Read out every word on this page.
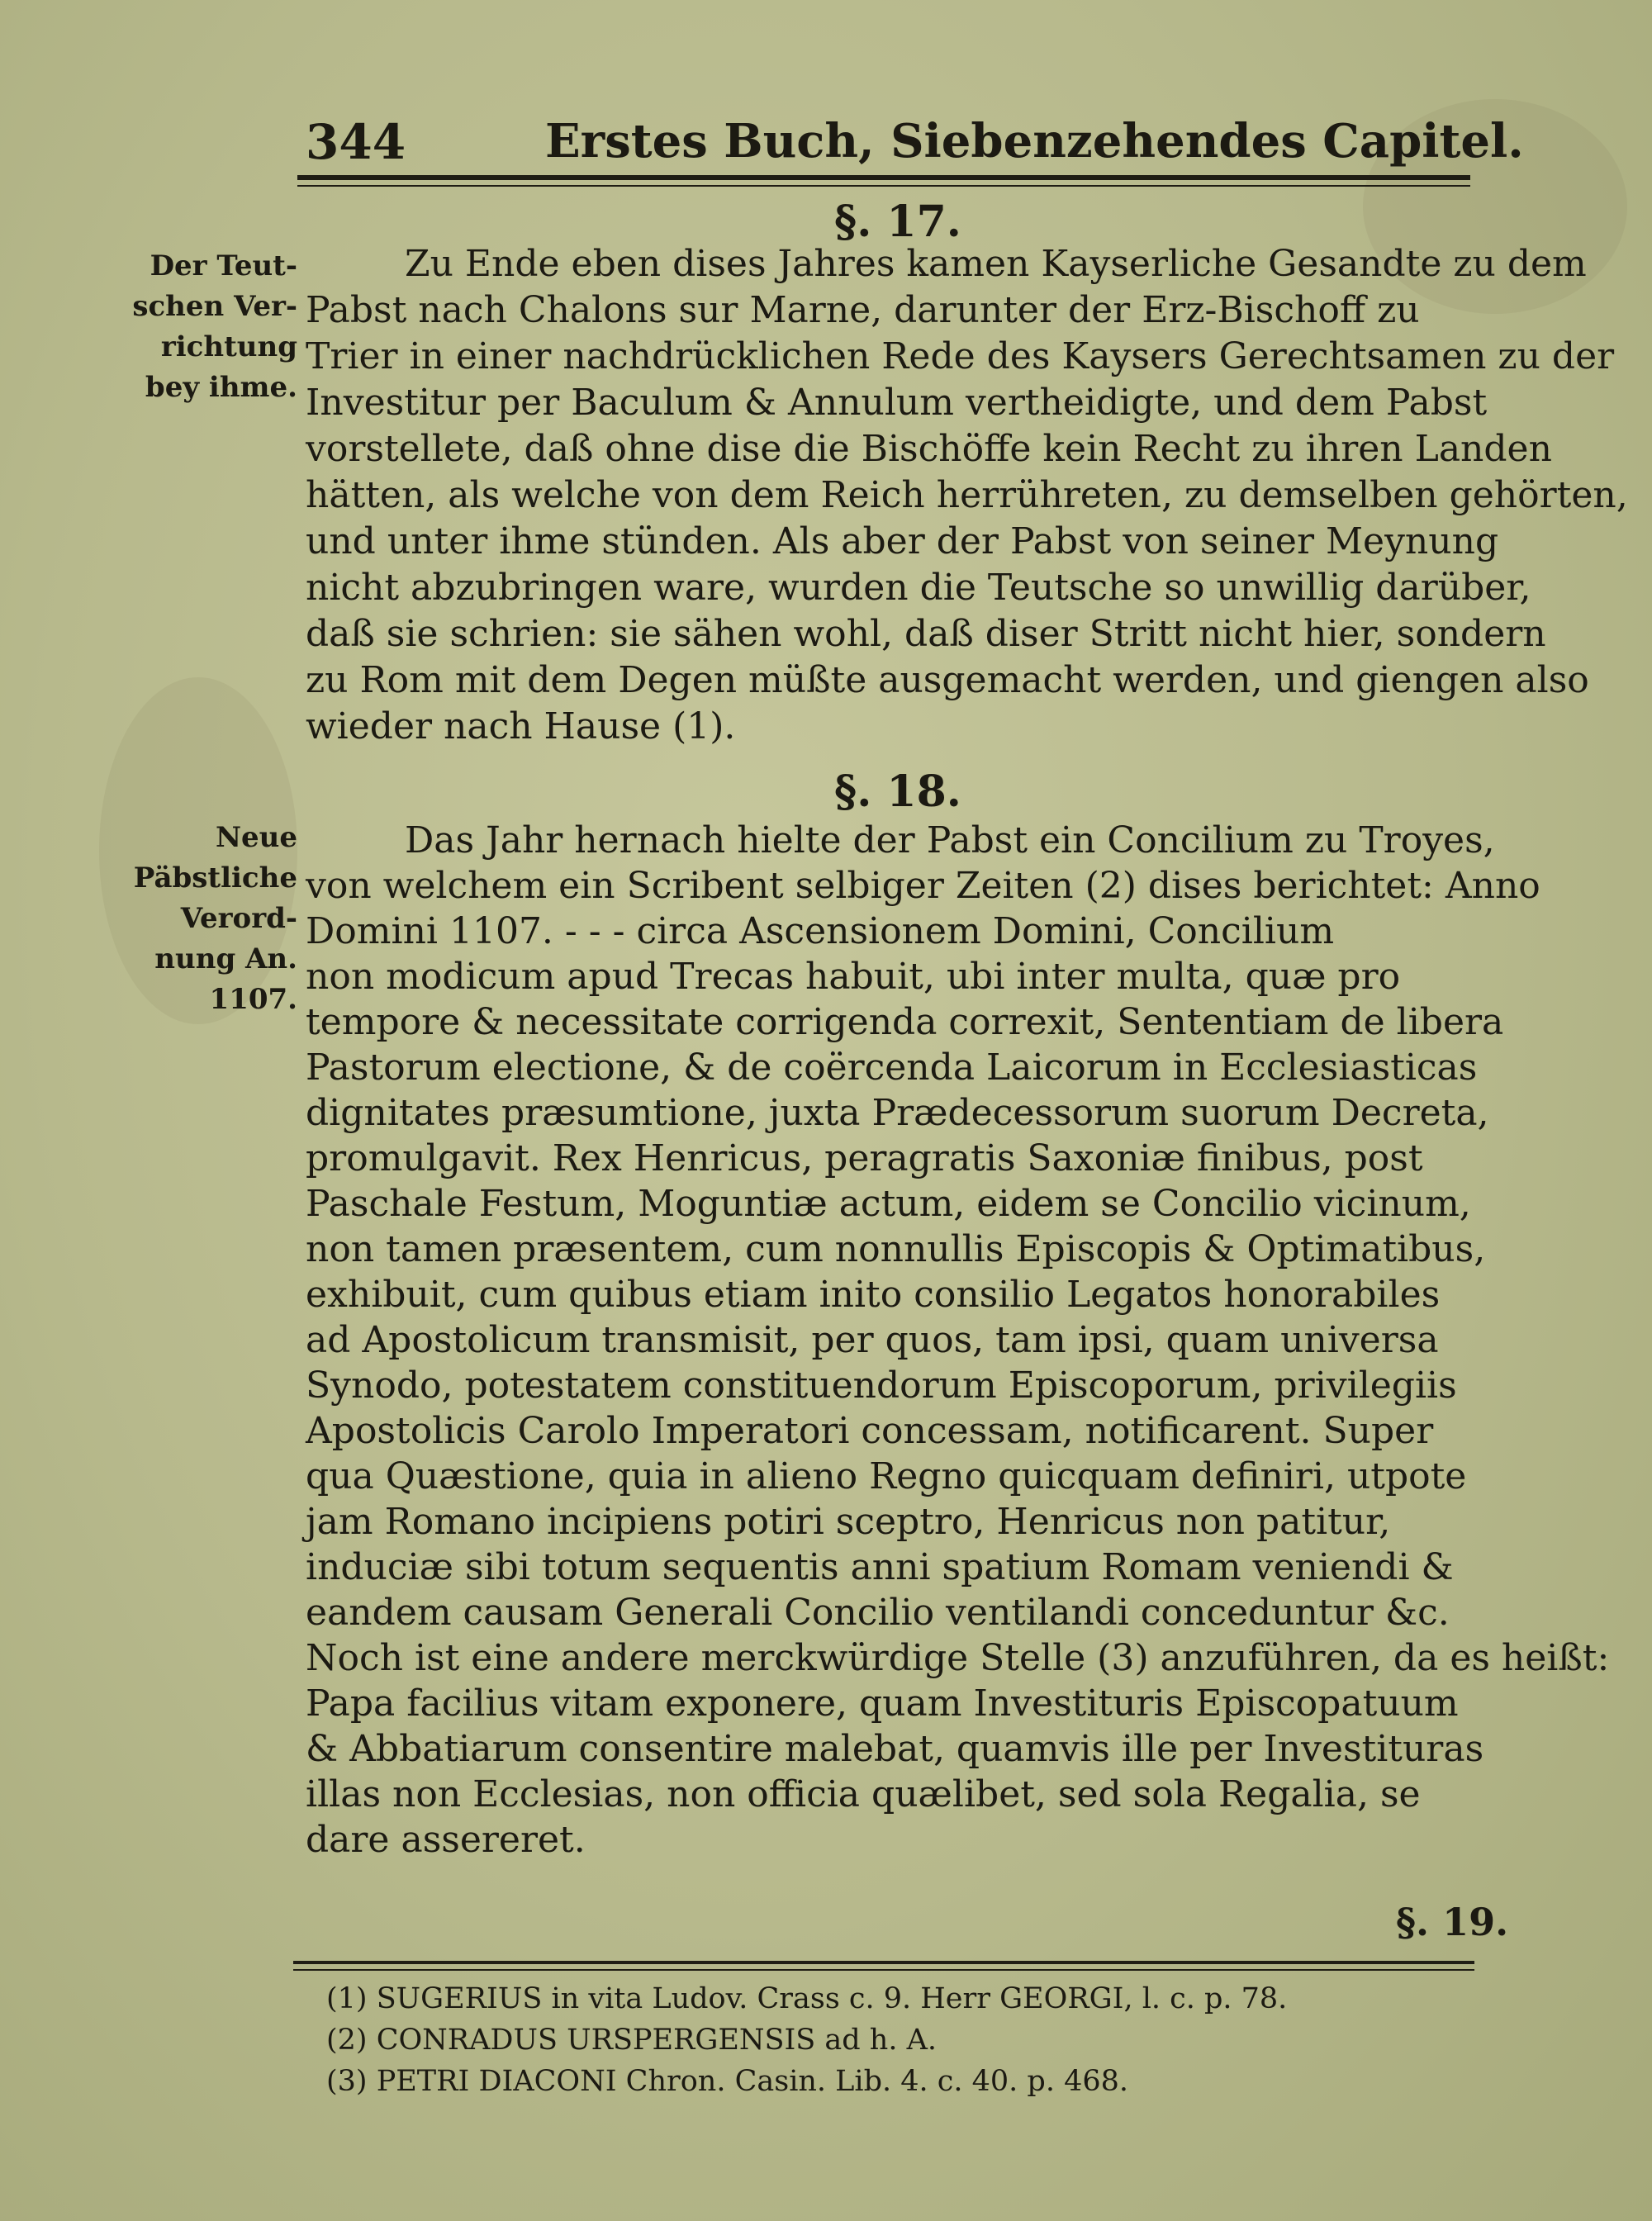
344	Erstes Buch, Siebenzehendes Capitel.
§. 17.
Der Teut-
schen Ver-
richtung
bey ihme.
Zu Ende eben dises Jahres kamen Kayserliche Gesandte zu dem
Pabst nach Chalons sur Marne, darunter der Erz-Bischoff zu
Trier in einer nachdrücklichen Rede des Kaysers Gerechtsamen zu der
Investitur per Baculum & Annulum vertheidigte, und dem Pabst
vorstellete, daß ohne dise die Bischöffe kein Recht zu ihren Landen
hätten, als welche von dem Reich herrühreten, zu demselben gehörten,
und unter ihme stünden. Als aber der Pabst von seiner Meynung
nicht abzubringen ware, wurden die Teutsche so unwillig darüber,
daß sie schrien: sie sähen wohl, daß diser Stritt nicht hier, sondern
zu Rom mit dem Degen müßte ausgemacht werden, und giengen also
wieder nach Hause (1).
§. 18.
Neue
Päbstliche
Verord-
nung An.
1107.
Das Jahr hernach hielte der Pabst ein Concilium zu Troyes,
von welchem ein Scribent selbiger Zeiten (2) dises berichtet: Anno
Domini 1107. - - - circa Ascensionem Domini, Concilium
non modicum apud Trecas habuit, ubi inter multa, quæ pro
tempore & necessitate corrigenda correxit, Sententiam de libera
Pastorum electione, & de coërcenda Laicorum in Ecclesiasticas
dignitates præsumtione, juxta Prædecessorum suorum Decreta,
promulgavit. Rex Henricus, peragratis Saxoniæ finibus, post
Paschale Festum, Moguntiæ actum, eidem se Concilio vicinum,
non tamen præsentem, cum nonnullis Episcopis & Optimatibus,
exhibuit, cum quibus etiam inito consilio Legatos honorabiles
ad Apostolicum transmisit, per quos, tam ipsi, quam universa
Synodo, potestatem constituendorum Episcoporum, privilegiis
Apostolicis Carolo Imperatori concessam, notificarent. Super
qua Quæstione, quia in alieno Regno quicquam definiri, utpote
jam Romano incipiens potiri sceptro, Henricus non patitur,
induciæ sibi totum sequentis anni spatium Romam veniendi &
eandem causam Generali Concilio ventilandi conceduntur &c.
Noch ist eine andere merckwürdige Stelle (3) anzuführen, da es heißt:
Papa facilius vitam exponere, quam Investituris Episcopatuum
& Abbatiarum consentire malebat, quamvis ille per Investituras
illas non Ecclesias, non officia quælibet, sed sola Regalia, se
dare assereret.
§. 19.
(1) SUGERIUS in vita Ludov. Crass c. 9. Herr GEORGI, l. c. p. 78.
(2) CONRADUS URSPERGENSIS ad h. A.
(3) PETRI DIACONI Chron. Casin. Lib. 4. c. 40. p. 468.
